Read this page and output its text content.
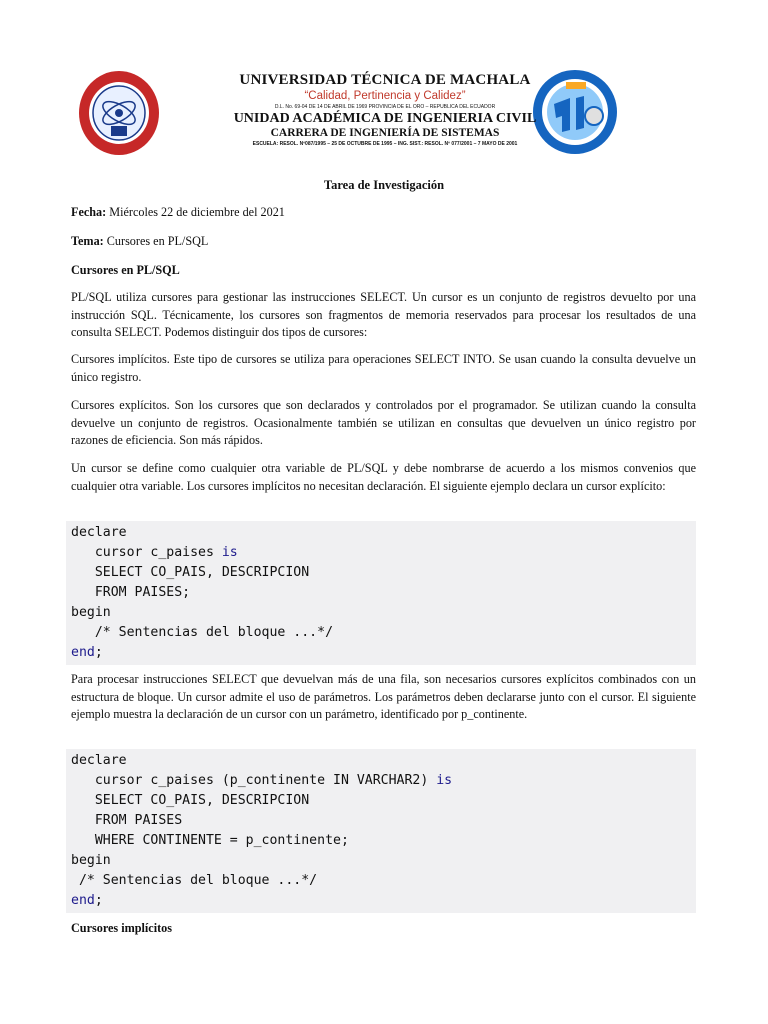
UNIVERSIDAD TÉCNICA DE MACHALA
“Calidad, Pertinencia y Calidez”
D.L. No. 69-04 DE 14 DE ABRIL DE 1969 PROVINCIA DE EL ORO – REPUBLICA DEL ECUADOR
UNIDAD ACADÉMICA DE INGENIERIA CIVIL
CARRERA DE INGENIERÍA DE SISTEMAS
ESCUELA: RESOL. Nº087/1995 – 25 DE OCTUBRE DE 1995 – ING. SIST.: RESOL. Nº 077/2001 – 7 MAYO DE 2001
Tarea de Investigación
Fecha: Miércoles 22 de diciembre del 2021
Tema: Cursores en PL/SQL
Cursores en PL/SQL
PL/SQL utiliza cursores para gestionar las instrucciones SELECT. Un cursor es un conjunto de registros devuelto por una instrucción SQL. Técnicamente, los cursores son fragmentos de memoria reservados para procesar los resultados de una consulta SELECT. Podemos distinguir dos tipos de cursores:
Cursores implícitos. Este tipo de cursores se utiliza para operaciones SELECT INTO. Se usan cuando la consulta devuelve un único registro.
Cursores explícitos. Son los cursores que son declarados y controlados por el programador. Se utilizan cuando la consulta devuelve un conjunto de registros. Ocasionalmente también se utilizan en consultas que devuelven un único registro por razones de eficiencia. Son más rápidos.
Un cursor se define como cualquier otra variable de PL/SQL y debe nombrarse de acuerdo a los mismos convenios que cualquier otra variable. Los cursores implícitos no necesitan declaración. El siguiente ejemplo declara un cursor explícito:
declare
cursor c_paises is
SELECT CO_PAIS, DESCRIPCION
FROM PAISES;
begin
/* Sentencias del bloque ...*/
end;
Para procesar instrucciones SELECT que devuelvan más de una fila, son necesarios cursores explícitos combinados con un estructura de bloque. Un cursor admite el uso de parámetros. Los parámetros deben declararse junto con el cursor. El siguiente ejemplo muestra la declaración de un cursor con un parámetro, identificado por p_continente.
declare
cursor c_paises (p_continente IN VARCHAR2) is
SELECT CO_PAIS, DESCRIPCION
FROM PAISES
WHERE CONTINENTE = p_continente;
begin
/* Sentencias del bloque ...*/
end;
Cursores implícitos
